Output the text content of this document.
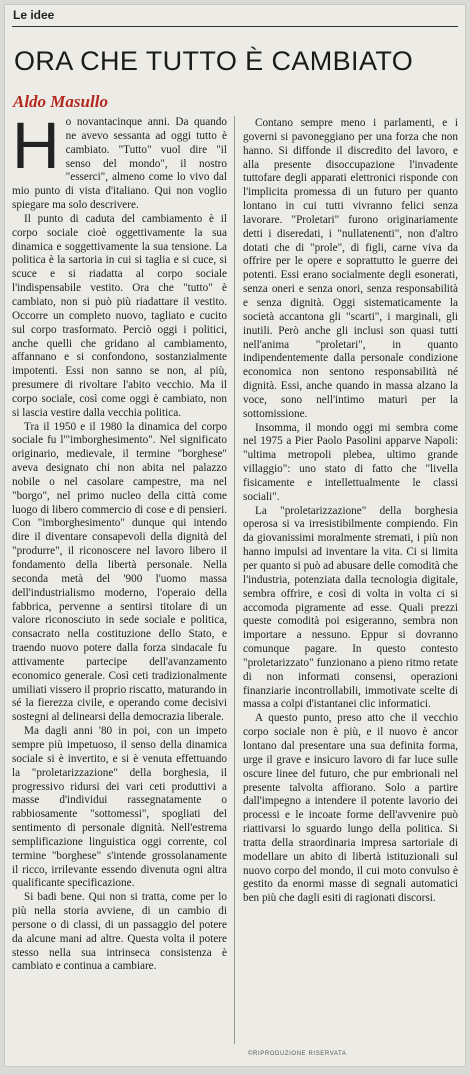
Le idee
ORA CHE TUTTO È CAMBIATO
Aldo Masullo

Ho novantacinque anni. Da quando ne avevo sessanta ad oggi tutto è cambiato. "Tutto" vuol dire "il senso del mondo", il nostro "esserci", almeno come lo vivo dal mio punto di vista d'italiano. Qui non voglio spiegare ma solo descrivere.

Il punto di caduta del cambiamento è il corpo sociale cioè oggettivamente la sua dinamica e soggettivamente la sua tensione. La politica è la sartoria in cui si taglia e si cuce, si scuce e si riadatta al corpo sociale l'indispensabile vestito. Ora che "tutto" è cambiato, non si può più riadattare il vestito. Occorre un completo nuovo, tagliato e cucito sul corpo trasformato. Perciò oggi i politici, anche quelli che gridano al cambiamento, affannano e si confondono, sostanzialmente impotenti. Essi non sanno se non, al più, presumere di rivoltare l'abito vecchio. Ma il corpo sociale, così come oggi è cambiato, non si lascia vestire dalla vecchia politica.

Tra il 1950 e il 1980 la dinamica del corpo sociale fu l'"imborghesimento". Nel significato originario, medievale, il termine "borghese" aveva designato chi non abita nel palazzo nobile o nel casolare campestre, ma nel "borgo", nel primo nucleo della città come luogo di libero commercio di cose e di pensieri. Con "imborghesimento" dunque qui intendo dire il diventare consapevoli della dignità del "produrre", il riconoscere nel lavoro libero il fondamento della libertà personale. Nella seconda metà del '900 l'uomo massa dell'industrialismo moderno, l'operaio della fabbrica, pervenne a sentirsi titolare di un valore riconosciuto in sede sociale e politica, consacrato nella costituzione dello Stato, e traendo nuovo potere dalla forza sindacale fu attivamente partecipe dell'avanzamento economico generale. Così ceti tradizionalmente umiliati vissero il proprio riscatto, maturando in sé la fierezza civile, e operando come decisivi sostegni al delinearsi della democrazia liberale.

Ma dagli anni '80 in poi, con un impeto sempre più impetuoso, il senso della dinamica sociale si è invertito, e si è venuta effettuando la "proletarizzazione" della borghesia, il progressivo ridursi dei vari ceti produttivi a masse d'individui rassegnatamente o rabbiosamente "sottomessi", spogliati del sentimento di personale dignità. Nell'estrema semplificazione linguistica oggi corrente, col termine "borghese" s'intende grossolanamente il ricco, irrilevante essendo divenuta ogni altra qualificante specificazione.

Si badi bene. Qui non si tratta, come per lo più nella storia avviene, di un cambio di persone o di classi, di un passaggio del potere da alcune mani ad altre. Questa volta il potere stesso nella sua intrinseca consistenza è cambiato e continua a cambiare.

Contano sempre meno i parlamenti, e i governi si pavoneggiano per una forza che non hanno. Si diffonde il discredito del lavoro, e alla presente disoccupazione l'invadente tuttofare degli apparati elettronici risponde con l'implicita promessa di un futuro per quanto lontano in cui tutti vivranno felici senza lavorare. "Proletari" furono originariamente detti i diseredati, i "nullatenenti", non d'altro dotati che di "prole", di figli, carne viva da offrire per le opere e soprattutto le guerre dei potenti. Essi erano socialmente degli esonerati, senza oneri e senza onori, senza responsabilità e senza dignità. Oggi sistematicamente la società accantona gli "scarti", i marginali, gli inutili. Però anche gli inclusi son quasi tutti nell'anima "proletari", in quanto indipendentemente dalla personale condizione economica non sentono responsabilità né dignità. Essi, anche quando in massa alzano la voce, sono nell'intimo maturi per la sottomissione.

Insomma, il mondo oggi mi sembra come nel 1975 a Pier Paolo Pasolini apparve Napoli: "ultima metropoli plebea, ultimo grande villaggio": uno stato di fatto che "livella fisicamente e intellettualmente le classi sociali".

La "proletarizzazione" della borghesia operosa si va irresistibilmente compiendo. Fin da giovanissimi moralmente stremati, i più non hanno impulsi ad inventare la vita. Ci si limita per quanto si può ad abusare delle comodità che l'industria, potenziata dalla tecnologia digitale, sembra offrire, e così di volta in volta ci si accomoda pigramente ad esse. Quali prezzi queste comodità poi esigeranno, sembra non importare a nessuno. Eppur si dovranno comunque pagare. In questo contesto "proletarizzato" funzionano a pieno ritmo retate di non informati consensi, operazioni finanziarie incontrollabili, immotivate scelte di massa a colpi d'istantanei clic informatici.

A questo punto, preso atto che il vecchio corpo sociale non è più, e il nuovo è ancor lontano dal presentare una sua definita forma, urge il grave e insicuro lavoro di far luce sulle oscure linee del futuro, che pur embrionali nel presente talvolta affiorano. Solo a partire dall'impegno a intendere il potente lavorio dei processi e le incoate forme dell'avvenire può riattivarsi lo sguardo lungo della politica. Si tratta della straordinaria impresa sartoriale di modellare un abito di libertà istituzionali sul nuovo corpo del mondo, il cui moto convulso è gestito da enormi masse di segnali automatici ben più che dagli esiti di ragionati discorsi.

©RIPRODUZIONE RISERVATA
